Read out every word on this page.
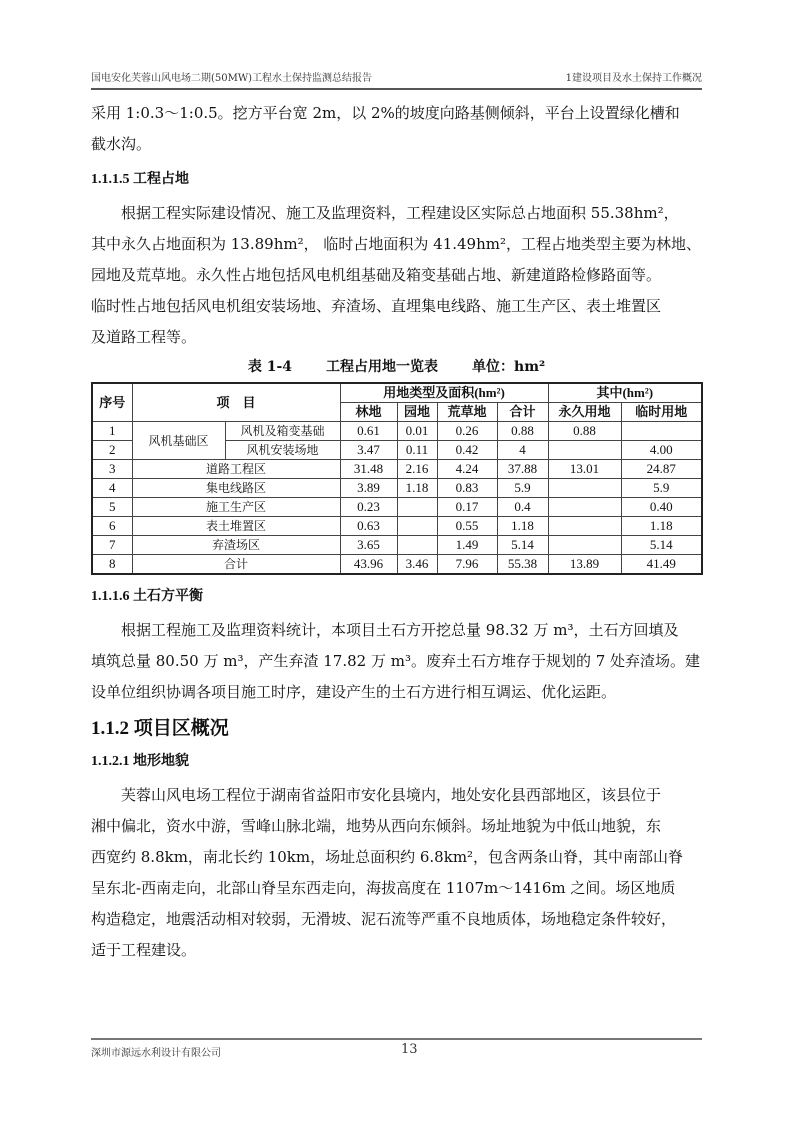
国电安化芙蓉山风电场二期(50MW)工程水土保持监测总结报告	1建设项目及水土保持工作概况
采用 1:0.3～1:0.5。挖方平台宽 2m，以 2%的坡度向路基侧倾斜，平台上设置绿化槽和
截水沟。
1.1.1.5 工程占地
根据工程实际建设情况、施工及监理资料，工程建设区实际总占地面积 55.38hm²，
其中永久占地面积为 13.89hm²， 临时占地面积为 41.49hm²，工程占地类型主要为林地、
园地及荒草地。永久性占地包括风电机组基础及箱变基础占地、新建道路检修路面等。
临时性占地包括风电机组安装场地、弃渣场、直埋集电线路、施工生产区、表土堆置区
及道路工程等。
表 1-4 工程占用地一览表 单位：hm²
序号	项　目		用地类型及面积(hm²)				其中(hm²)	
			林地	园地	荒草地	合计	永久用地	临时用地
1	风机基础区	风机及箱变基础	0.61	0.01	0.26	0.88	0.88	
2		风机安装场地	3.47	0.11	0.42	4		4.00
3	道路工程区		31.48	2.16	4.24	37.88	13.01	24.87
4	集电线路区		3.89	1.18	0.83	5.9		5.9
5	施工生产区		0.23		0.17	0.4		0.40
6	表土堆置区		0.63		0.55	1.18		1.18
7	弃渣场区		3.65		1.49	5.14		5.14
8	合计		43.96	3.46	7.96	55.38	13.89	41.49
1.1.1.6 土石方平衡
根据工程施工及监理资料统计，本项目土石方开挖总量 98.32 万 m³，土石方回填及
填筑总量 80.50 万 m³，产生弃渣 17.82 万 m³。废弃土石方堆存于规划的 7 处弃渣场。建
设单位组织协调各项目施工时序，建设产生的土石方进行相互调运、优化运距。
1.1.2 项目区概况
1.1.2.1 地形地貌
芙蓉山风电场工程位于湖南省益阳市安化县境内，地处安化县西部地区，该县位于
湘中偏北，资水中游，雪峰山脉北端，地势从西向东倾斜。场址地貌为中低山地貌，东
西宽约 8.8km，南北长约 10km，场址总面积约 6.8km²，包含两条山脊，其中南部山脊
呈东北-西南走向，北部山脊呈东西走向，海拔高度在 1107m～1416m 之间。场区地质
构造稳定，地震活动相对较弱，无滑坡、泥石流等严重不良地质体，场地稳定条件较好，
适于工程建设。
深圳市源远水利设计有限公司	13
